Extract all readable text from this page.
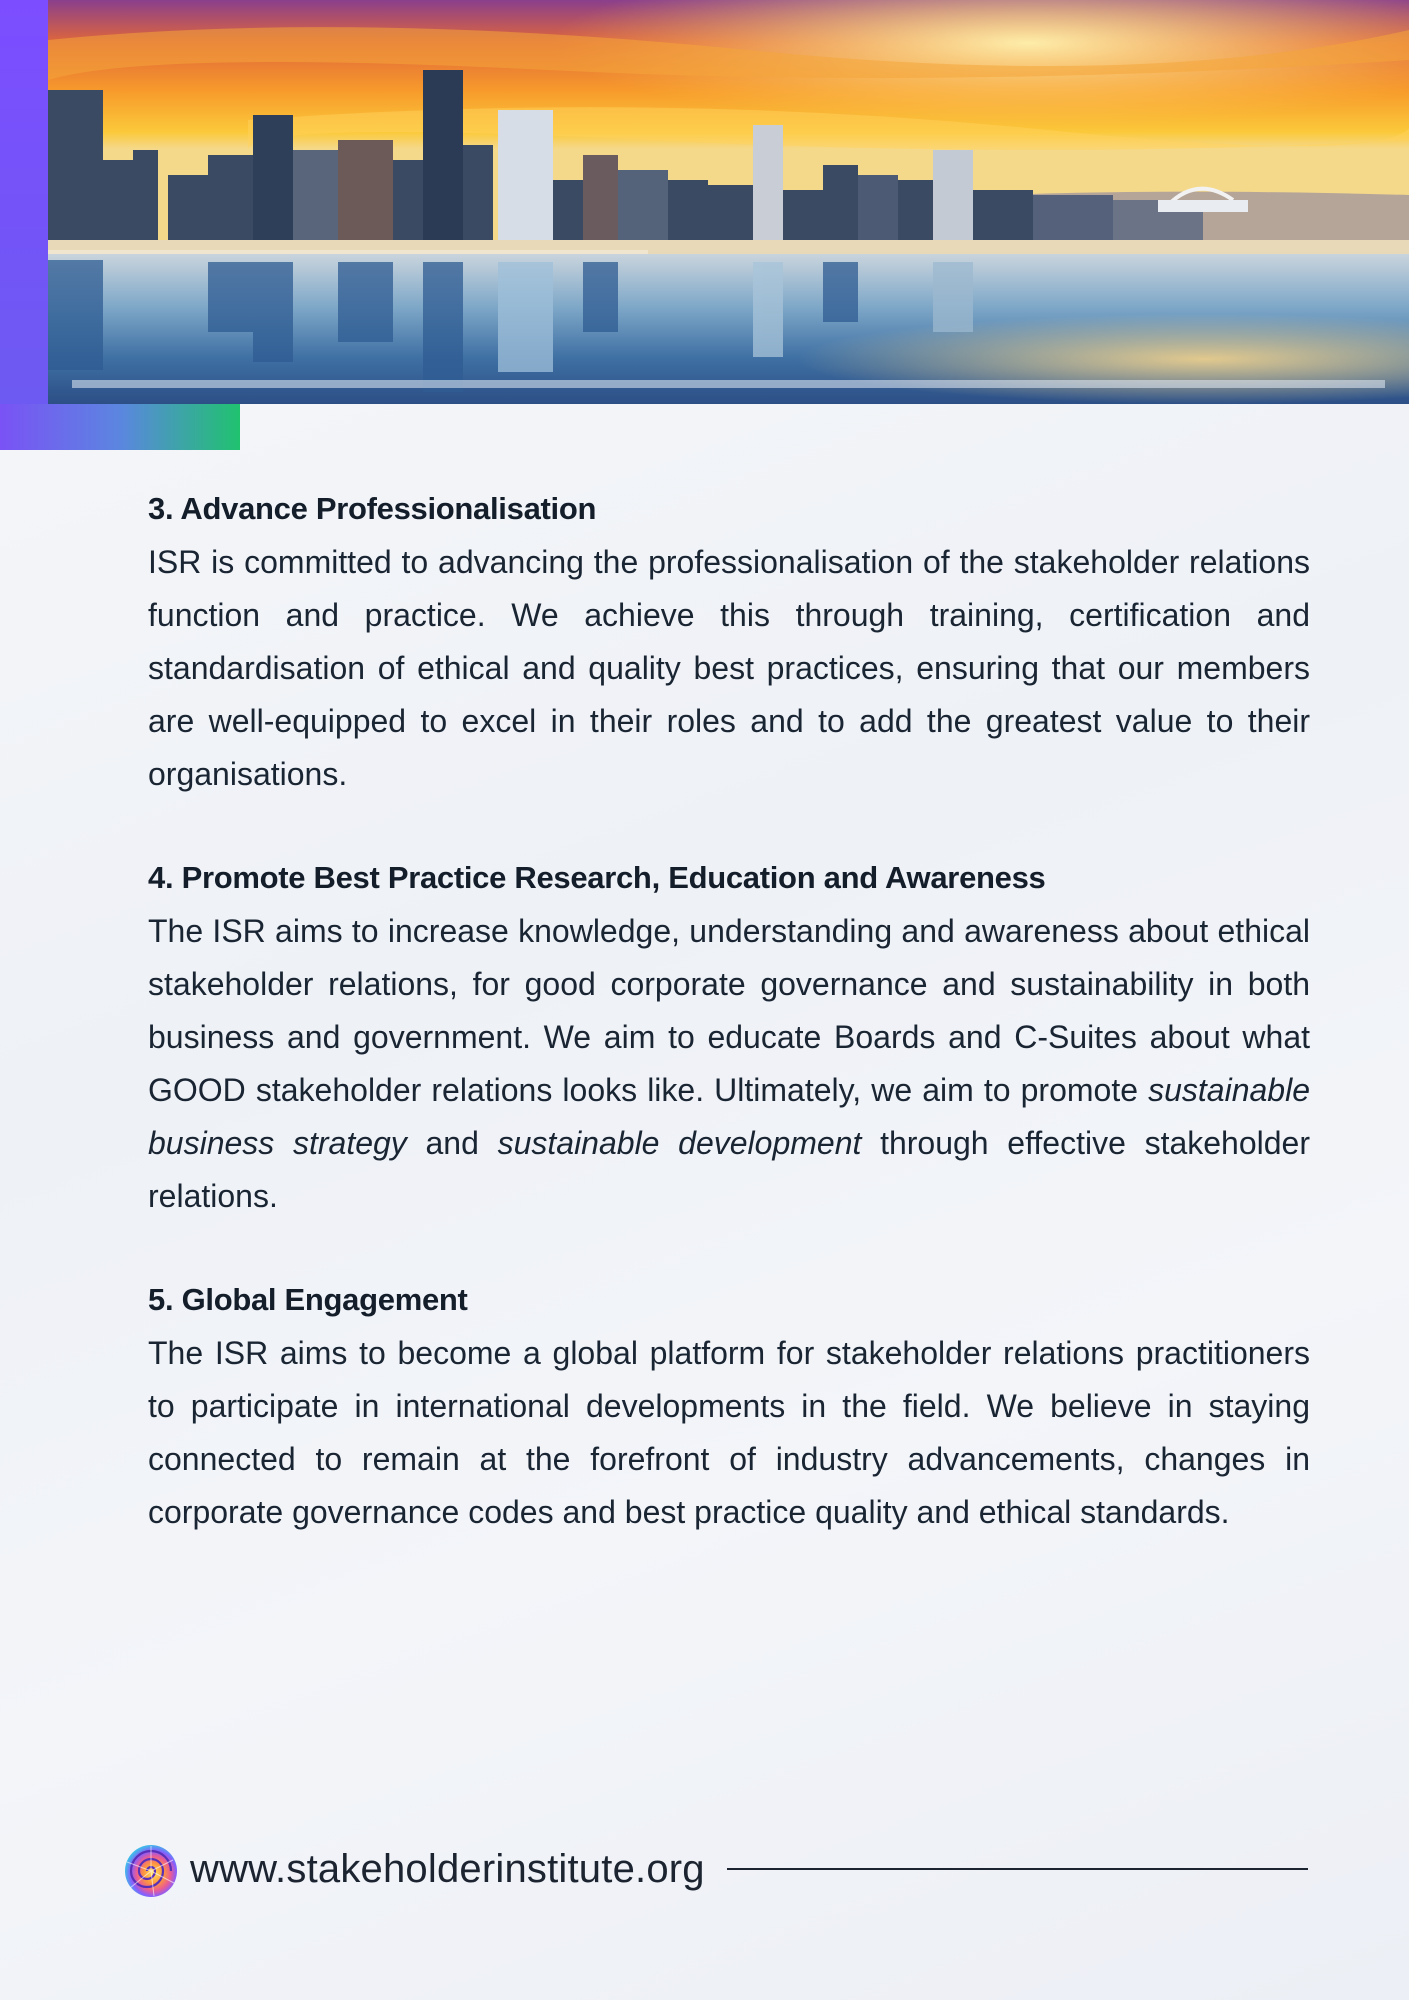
3. Advance Professionalisation

ISR is committed to advancing the professionalisation of the stakeholder relations function and practice. We achieve this through training, certification and standardisation of ethical and quality best practices, ensuring that our members are well-equipped to excel in their roles and to add the greatest value to their organisations.

4. Promote Best Practice Research, Education and Awareness

The ISR aims to increase knowledge, understanding and awareness about ethical stakeholder relations, for good corporate governance and sustainability in both business and government. We aim to educate Boards and C-Suites about what GOOD stakeholder relations looks like. Ultimately, we aim to promote sustainable business strategy and sustainable development through effective stakeholder relations.

5. Global Engagement

The ISR aims to become a global platform for stakeholder relations practitioners to participate in international developments in the field. We believe in staying connected to remain at the forefront of industry advancements, changes in corporate governance codes and best practice quality and ethical standards.

www.stakeholderinstitute.org
